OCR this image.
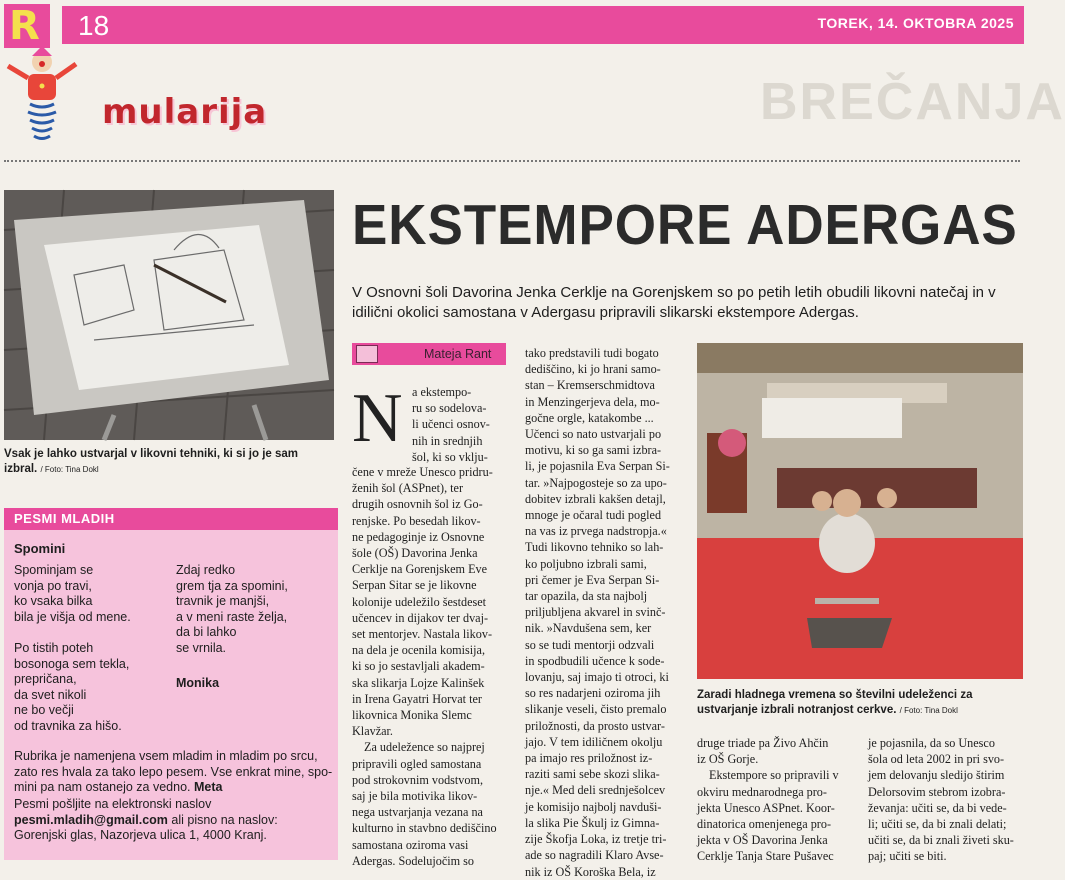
R 18	TOREK, 14. OKTOBRA 2025
mularija	BREČANJA
Vsak je lahko ustvarjal v likovni tehniki, ki si jo je sam izbral. / Foto: Tina Dokl
PESMI MLADIH
Spomini
Spominjam se
vonja po travi,
ko vsaka bilka
bila je višja od mene.
Po tistih poteh
bosonoga sem tekla,
prepričana,
da svet nikoli
ne bo večji
od travnika za hišo.
Zdaj redko
grem tja za spomini,
travnik je manjši,
a v meni raste želja,
da bi lahko
se vrnila.
Monika
Rubrika je namenjena vsem mladim in mladim po srcu,
zato res hvala za tako lepo pesem. Vse enkrat mine, spo-
mini pa nam ostanejo za vedno. Meta
Pesmi pošljite na elektronski naslov
pesmi.mladih@gmail.com ali pisno na naslov:
Gorenjski glas, Nazorjeva ulica 1, 4000 Kranj.
EKSTEMPORE ADERGAS
V Osnovni šoli Davorina Jenka Cerklje na Gorenjskem so po petih letih obudili likovni natečaj in v idilični okolici samostana v Adergasu pripravili slikarski ekstempore Adergas.
Mateja Rant
N a ekstempo-
ru so sodelova-
li učenci osnov-
nih in srednjih
šol, ki so vklju-
čene v mreže Unesco pridru-
ženih šol (ASPnet), ter
drugih osnovnih šol iz Go-
renjske. Po besedah likov-
ne pedagoginje iz Osnovne
šole (OŠ) Davorina Jenka
Cerklje na Gorenjskem Eve
Serpan Sitar se je likovne
kolonije udeležilo šestdeset
učencev in dijakov ter dvaj-
set mentorjev. Nastala likov-
na dela je ocenila komisija,
ki so jo sestavljali akadem-
ska slikarja Lojze Kalinšek
in Irena Gayatri Horvat ter
likovnica Monika Slemc
Klavžar.
Za udeležence so najprej
pripravili ogled samostana
pod strokovnim vodstvom,
saj je bila motivika likov-
nega ustvarjanja vezana na
kulturno in stavbno dediščino
samostana oziroma vasi
Adergas. Sodelujočim so
tako predstavili tudi bogato
dediščino, ki jo hrani samo-
stan – Kremserschmidtova
in Menzingerjeva dela, mo-
gočne orgle, katakombe ...
Učenci so nato ustvarjali po
motivu, ki so ga sami izbra-
li, je pojasnila Eva Serpan Si-
tar. »Najpogosteje so za upo-
dobitev izbrali kakšen detajl,
mnoge je očaral tudi pogled
na vas iz prvega nadstropja.«
Tudi likovno tehniko so lah-
ko poljubno izbrali sami,
pri čemer je Eva Serpan Si-
tar opazila, da sta najbolj
priljubljena akvarel in svinč-
nik. »Navdušena sem, ker
so se tudi mentorji odzvali
in spodbudili učence k sode-
lovanju, saj imajo ti otroci, ki
so res nadarjeni oziroma jih
slikanje veseli, čisto premalo
priložnosti, da prosto ustvar-
jajo. V tem idiličnem okolju
pa imajo res priložnost iz-
raziti sami sebe skozi slika-
nje.« Med deli srednješolcev
je komisijo najbolj navduši-
la slika Pie Škulj iz Gimna-
zije Škofja Loka, iz tretje tri-
ade so nagradili Klaro Avse-
nik iz OŠ Koroška Bela, iz
Zaradi hladnega vremena so številni udeleženci za ustvarjanje izbrali notranjost cerkve. / Foto: Tina Dokl
druge triade pa Živo Ahčin
iz OŠ Gorje.
Ekstempore so pripravili v
okviru mednarodnega pro-
jekta Unesco ASPnet. Koor-
dinatorica omenjenega pro-
jekta v OŠ Davorina Jenka
Cerklje Tanja Stare Pušavec
je pojasnila, da so Unesco
šola od leta 2002 in pri svo-
jem delovanju sledijo štirim
Delorsovim stebrom izobra-
ževanja: učiti se, da bi vede-
li; učiti se, da bi znali delati;
učiti se, da bi znali živeti sku-
paj; učiti se biti.
